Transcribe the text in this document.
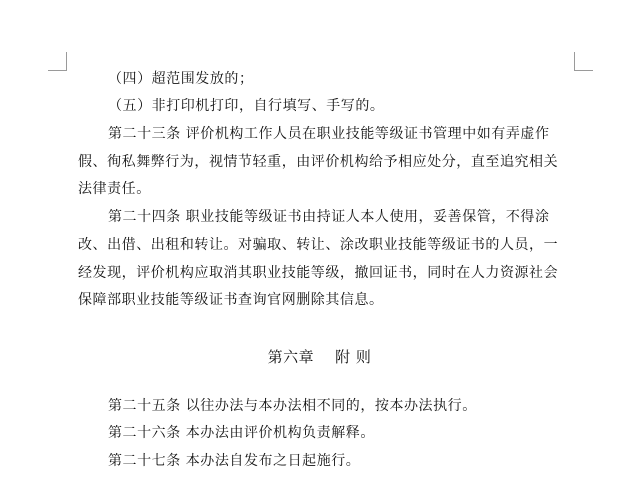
（四）超范围发放的；
（五）非打印机打印，自行填写、手写的。
第二十三条 评价机构工作人员在职业技能等级证书管理中如有弄虚作
假、徇私舞弊行为，视情节轻重，由评价机构给予相应处分，直至追究相关
法律责任。
第二十四条 职业技能等级证书由持证人本人使用，妥善保管，不得涂
改、出借、出租和转让。对骗取、转让、涂改职业技能等级证书的人员，一
经发现，评价机构应取消其职业技能等级，撤回证书，同时在人力资源社会
保障部职业技能等级证书查询官网删除其信息。
第六章    附 则
第二十五条 以往办法与本办法相不同的，按本办法执行。
第二十六条 本办法由评价机构负责解释。
第二十七条 本办法自发布之日起施行。
